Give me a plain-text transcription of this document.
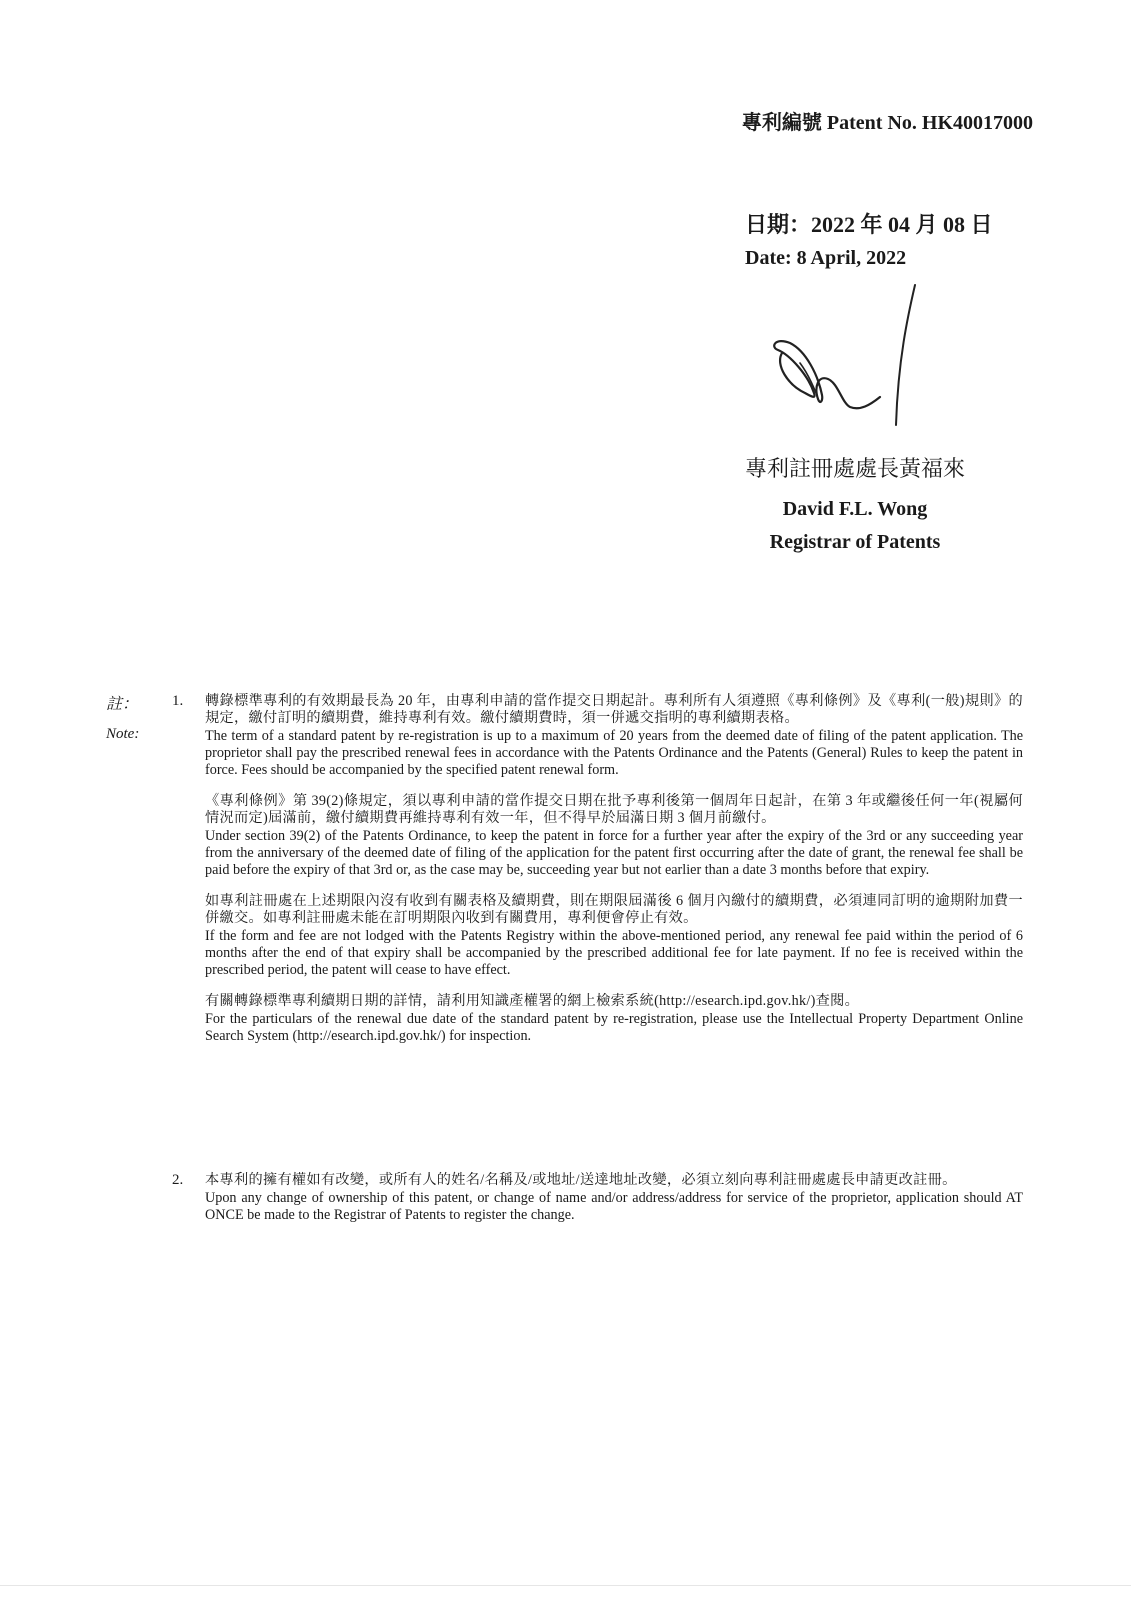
專利編號 Patent No. HK40017000
日期：2022 年 04 月 08 日
Date: 8 April, 2022
專利註冊處處長黃福來
David F.L. Wong
Registrar of Patents
註：
Note:
1. 轉錄標準專利的有效期最長為 20 年，由專利申請的當作提交日期起計。專利所有人須遵照《專利條例》及《專利(一般)規則》的規定，繳付訂明的續期費，維持專利有效。繳付續期費時，須一併遞交指明的專利續期表格。
The term of a standard patent by re-registration is up to a maximum of 20 years from the deemed date of filing of the patent application. The proprietor shall pay the prescribed renewal fees in accordance with the Patents Ordinance and the Patents (General) Rules to keep the patent in force. Fees should be accompanied by the specified patent renewal form.
《專利條例》第 39(2)條規定，須以專利申請的當作提交日期在批予專利後第一個周年日起計，在第 3 年或繼後任何一年(視屬何情況而定)屆滿前，繳付續期費再維持專利有效一年，但不得早於屆滿日期 3 個月前繳付。
Under section 39(2) of the Patents Ordinance, to keep the patent in force for a further year after the expiry of the 3rd or any succeeding year from the anniversary of the deemed date of filing of the application for the patent first occurring after the date of grant, the renewal fee shall be paid before the expiry of that 3rd or, as the case may be, succeeding year but not earlier than a date 3 months before that expiry.
如專利註冊處在上述期限內沒有收到有關表格及續期費，則在期限屆滿後 6 個月內繳付的續期費，必須連同訂明的逾期附加費一併繳交。如專利註冊處未能在訂明期限內收到有關費用，專利便會停止有效。
If the form and fee are not lodged with the Patents Registry within the above-mentioned period, any renewal fee paid within the period of 6 months after the end of that expiry shall be accompanied by the prescribed additional fee for late payment. If no fee is received within the prescribed period, the patent will cease to have effect.
有關轉錄標準專利續期日期的詳情，請利用知識產權署的網上檢索系統(http://esearch.ipd.gov.hk/)查閱。
For the particulars of the renewal due date of the standard patent by re-registration, please use the Intellectual Property Department Online Search System (http://esearch.ipd.gov.hk/) for inspection.
2. 本專利的擁有權如有改變，或所有人的姓名/名稱及/或地址/送達地址改變，必須立刻向專利註冊處處長申請更改註冊。
Upon any change of ownership of this patent, or change of name and/or address/address for service of the proprietor, application should AT ONCE be made to the Registrar of Patents to register the change.
